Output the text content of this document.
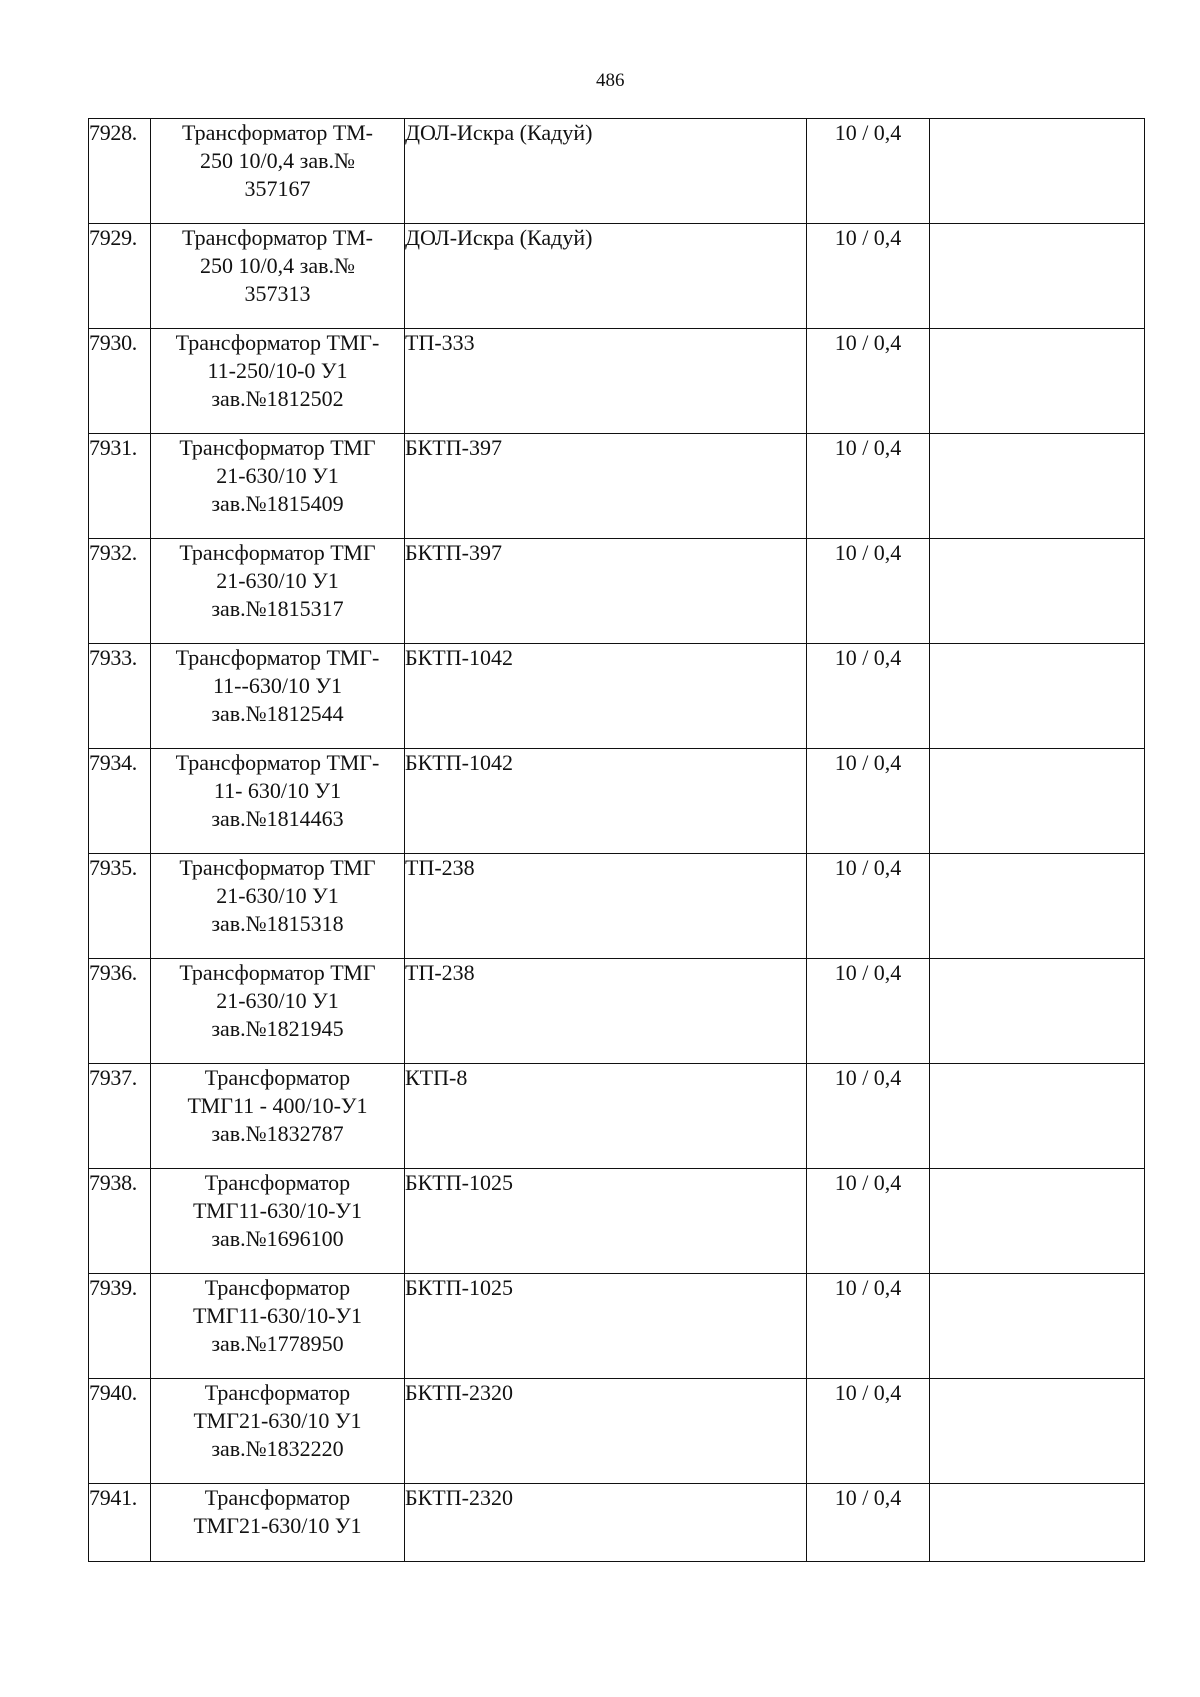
486
7928.	Трансформатор ТМ-
250 10/0,4 зав.№
357167	ДОЛ-Искра (Кадуй)	10 / 0,4	
7929.	Трансформатор ТМ-
250 10/0,4 зав.№
357313	ДОЛ-Искра (Кадуй)	10 / 0,4	
7930.	Трансформатор ТМГ-
11-250/10-0 У1
зав.№1812502	ТП-333	10 / 0,4	
7931.	Трансформатор ТМГ
21-630/10 У1
зав.№1815409	БКТП-397	10 / 0,4	
7932.	Трансформатор ТМГ
21-630/10 У1
зав.№1815317	БКТП-397	10 / 0,4	
7933.	Трансформатор ТМГ-
11--630/10 У1
зав.№1812544	БКТП-1042	10 / 0,4	
7934.	Трансформатор ТМГ-
11- 630/10 У1
зав.№1814463	БКТП-1042	10 / 0,4	
7935.	Трансформатор ТМГ
21-630/10 У1
зав.№1815318	ТП-238	10 / 0,4	
7936.	Трансформатор ТМГ
21-630/10 У1
зав.№1821945	ТП-238	10 / 0,4	
7937.	Трансформатор
ТМГ11 - 400/10-У1
зав.№1832787	КТП-8	10 / 0,4	
7938.	Трансформатор
ТМГ11-630/10-У1
зав.№1696100	БКТП-1025	10 / 0,4	
7939.	Трансформатор
ТМГ11-630/10-У1
зав.№1778950	БКТП-1025	10 / 0,4	
7940.	Трансформатор
ТМГ21-630/10 У1
зав.№1832220	БКТП-2320	10 / 0,4	
7941.	Трансформатор
ТМГ21-630/10 У1	БКТП-2320	10 / 0,4	
